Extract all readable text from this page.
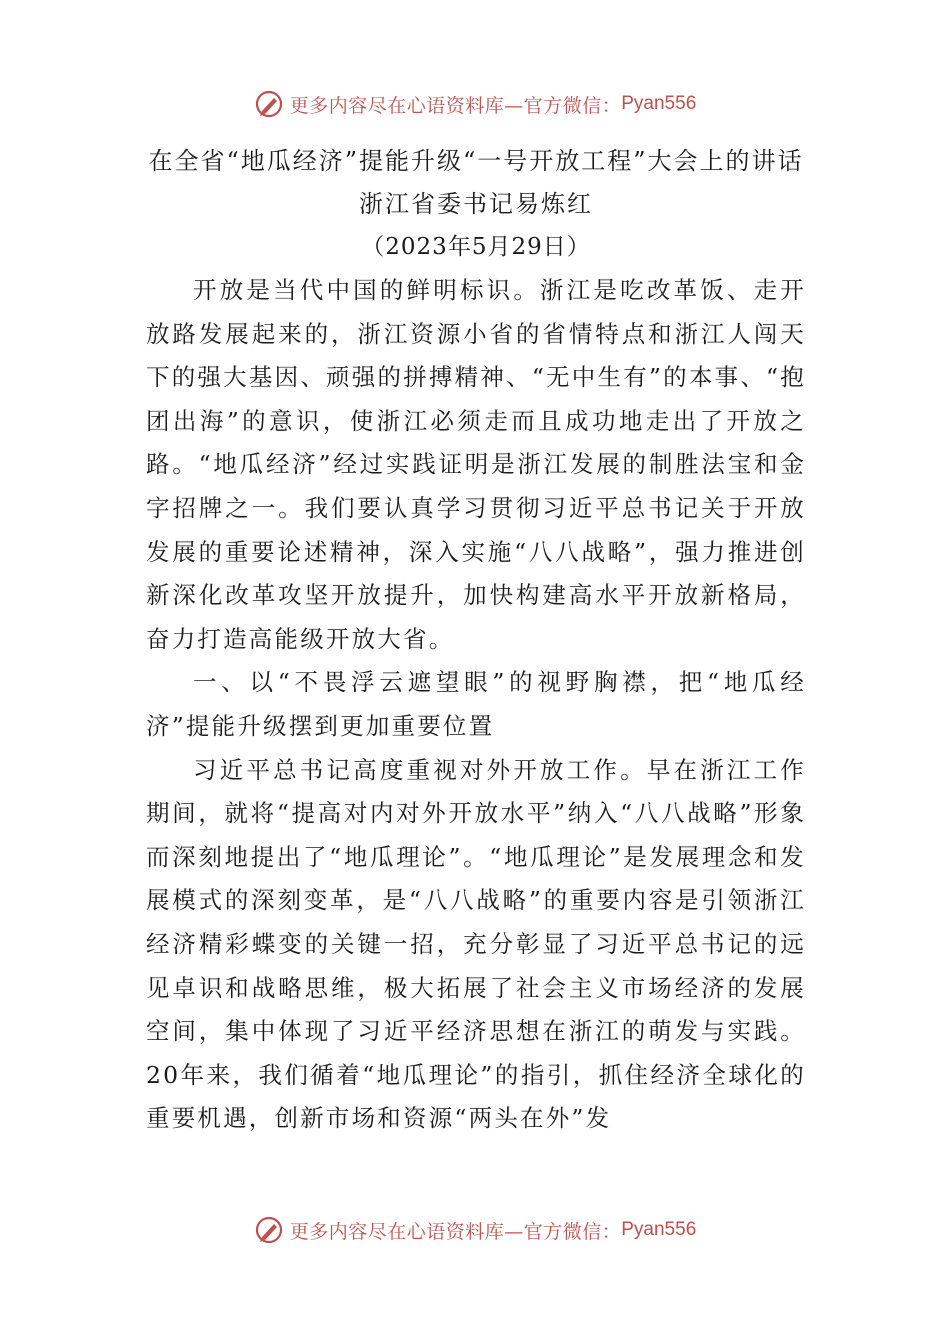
更多内容尽在心语资料库—官方微信： Pyan556
在全省“地瓜经济”提能升级“一号开放工程”大会上的讲话
浙江省委书记易炼红
（2023年5月29日）

开放是当代中国的鲜明标识。浙江是吃改革饭、走开放路发展起来的，浙江资源小省的省情特点和浙江人闯天下的强大基因、顽强的拼搏精神、“无中生有”的本事、“抱团出海”的意识，使浙江必须走而且成功地走出了开放之路。“地瓜经济”经过实践证明是浙江发展的制胜法宝和金字招牌之一。我们要认真学习贯彻习近平总书记关于开放发展的重要论述精神，深入实施“八八战略”，强力推进创新深化改革攻坚开放提升，加快构建高水平开放新格局，奋力打造高能级开放大省。

一、以“不畏浮云遮望眼”的视野胸襟，把“地瓜经济”提能升级摆到更加重要位置

习近平总书记高度重视对外开放工作。早在浙江工作期间，就将“提高对内对外开放水平”纳入“八八战略”形象而深刻地提出了“地瓜理论”。“地瓜理论”是发展理念和发展模式的深刻变革，是“八八战略”的重要内容是引领浙江经济精彩蝶变的关键一招，充分彰显了习近平总书记的远见卓识和战略思维，极大拓展了社会主义市场经济的发展空间，集中体现了习近平经济思想在浙江的萌发与实践。20年来，我们循着“地瓜理论”的指引，抓住经济全球化的重要机遇，创新市场和资源“两头在外”发

更多内容尽在心语资料库—官方微信： Pyan556
